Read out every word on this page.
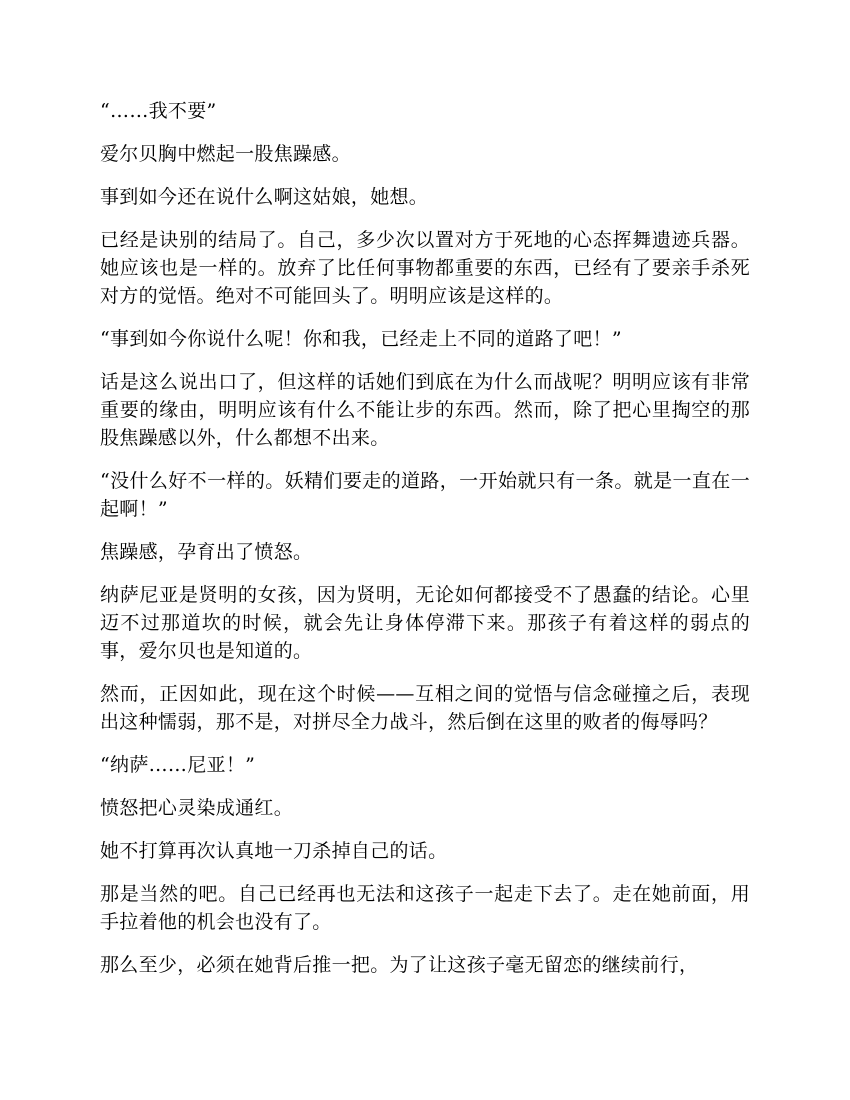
“……我不要”

爱尔贝胸中燃起一股焦躁感。

事到如今还在说什么啊这姑娘，她想。

已经是诀别的结局了。自己，多少次以置对方于死地的心态挥舞遗迹兵器。她应该也是一样的。放弃了比任何事物都重要的东西，已经有了要亲手杀死对方的觉悟。绝对不可能回头了。明明应该是这样的。

“事到如今你说什么呢！你和我，已经走上不同的道路了吧！”

话是这么说出口了，但这样的话她们到底在为什么而战呢？明明应该有非常重要的缘由，明明应该有什么不能让步的东西。然而，除了把心里掏空的那股焦躁感以外，什么都想不出来。

“没什么好不一样的。妖精们要走的道路，一开始就只有一条。就是一直在一起啊！”

焦躁感，孕育出了愤怒。

纳萨尼亚是贤明的女孩，因为贤明，无论如何都接受不了愚蠢的结论。心里迈不过那道坎的时候，就会先让身体停滞下来。那孩子有着这样的弱点的事，爱尔贝也是知道的。

然而，正因如此，现在这个时候——互相之间的觉悟与信念碰撞之后，表现出这种懦弱，那不是，对拼尽全力战斗，然后倒在这里的败者的侮辱吗？

“纳萨……尼亚！”

愤怒把心灵染成通红。

她不打算再次认真地一刀杀掉自己的话。

那是当然的吧。自己已经再也无法和这孩子一起走下去了。走在她前面，用手拉着他的机会也没有了。

那么至少，必须在她背后推一把。为了让这孩子毫无留恋的继续前行，
